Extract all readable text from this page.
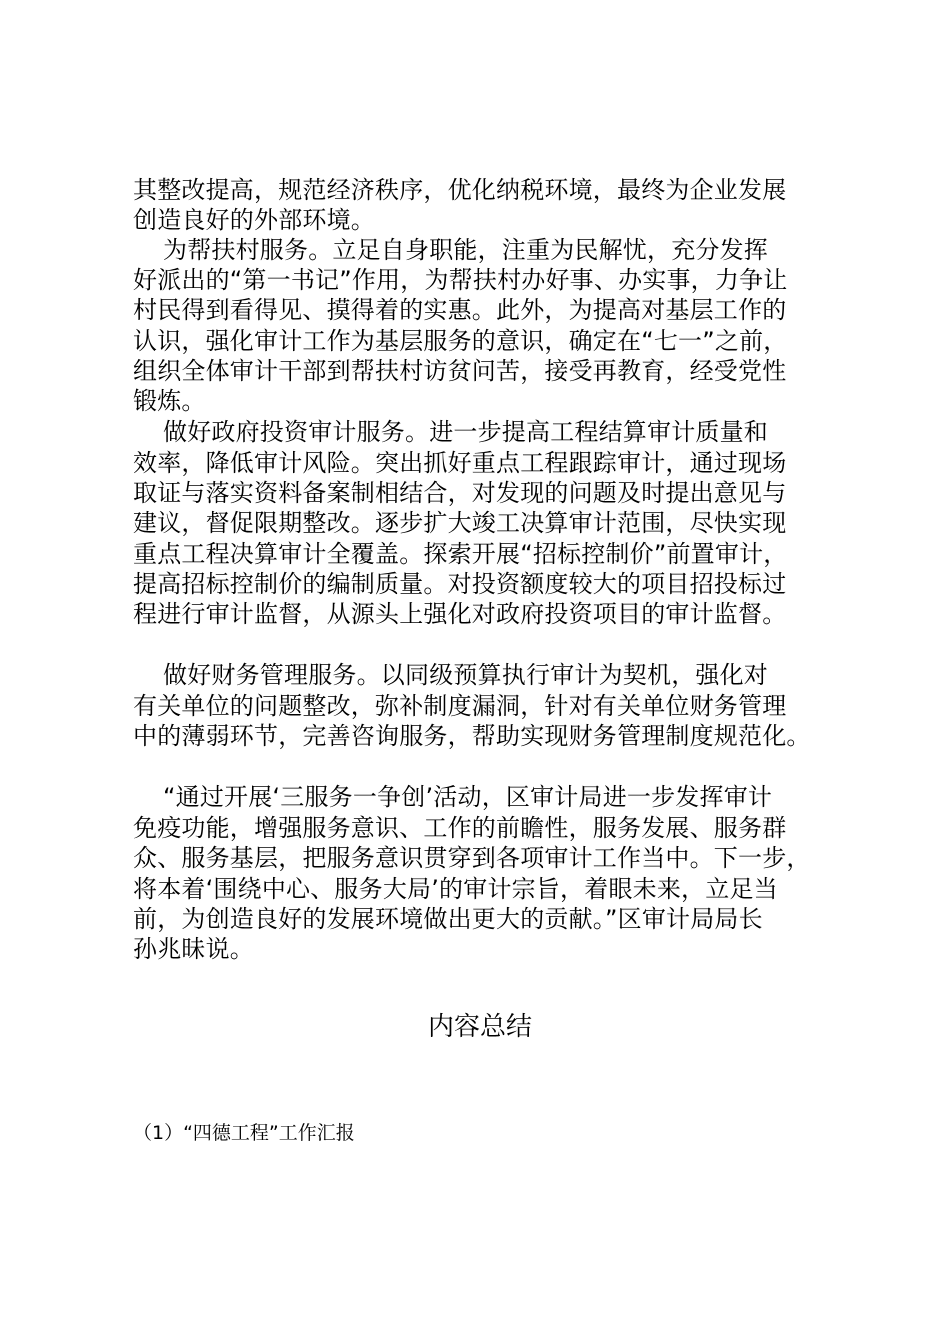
其整改提高，规范经济秩序，优化纳税环境，最终为企业发展
创造良好的外部环境。
为帮扶村服务。立足自身职能，注重为民解忧，充分发挥
好派出的“第一书记”作用，为帮扶村办好事、办实事，力争让
村民得到看得见、摸得着的实惠。此外，为提高对基层工作的
认识，强化审计工作为基层服务的意识，确定在“七一”之前，
组织全体审计干部到帮扶村访贫问苦，接受再教育，经受党性
锻炼。
做好政府投资审计服务。进一步提高工程结算审计质量和
效率，降低审计风险。突出抓好重点工程跟踪审计，通过现场
取证与落实资料备案制相结合，对发现的问题及时提出意见与
建议，督促限期整改。逐步扩大竣工决算审计范围，尽快实现
重点工程决算审计全覆盖。探索开展“招标控制价”前置审计，
提高招标控制价的编制质量。对投资额度较大的项目招投标过
程进行审计监督，从源头上强化对政府投资项目的审计监督。
做好财务管理服务。以同级预算执行审计为契机，强化对
有关单位的问题整改，弥补制度漏洞，针对有关单位财务管理
中的薄弱环节，完善咨询服务，帮助实现财务管理制度规范化。
“通过开展‘三服务一争创’活动，区审计局进一步发挥审计
免疫功能，增强服务意识、工作的前瞻性，服务发展、服务群
众、服务基层，把服务意识贯穿到各项审计工作当中。下一步，
将本着‘围绕中心、服务大局’的审计宗旨，着眼未来，立足当
前，为创造良好的发展环境做出更大的贡献。”区审计局局长
孙兆昧说。
内容总结
（1）“四德工程”工作汇报
